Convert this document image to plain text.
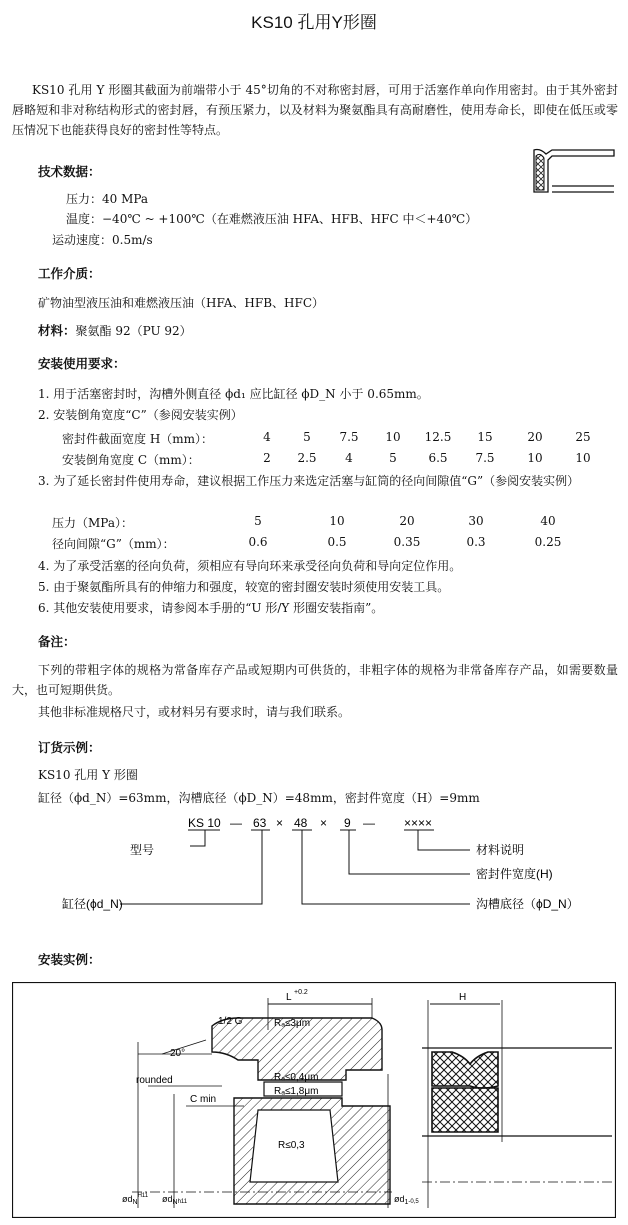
KS10 孔用Y形圈
KS10 孔用 Y 形圈其截面为前端带小于 45°切角的不对称密封唇，可用于活塞作单向作用密封。由于其外密封唇略短和非对称结构形式的密封唇，有预压紧力，以及材料为聚氨酯具有高耐磨性，使用寿命长，即使在低压或零压情况下也能获得良好的密封性等特点。
技术数据：
压力：40 MPa
温度：−40℃ ~ +100℃（在难燃液压油 HFA、HFB、HFC 中＜+40℃）
运动速度：0.5m/s
工作介质：
矿物油型液压油和难燃液压油（HFA、HFB、HFC）
材料：聚氨酯 92（PU 92）
安装使用要求：
1. 用于活塞密封时，沟槽外侧直径 ϕd₁ 应比缸径 ϕD_N 小于 0.65mm。
2. 安装倒角宽度“C”（参阅安装实例）
密封件截面宽度 H（mm）：	4	5	7.5	10	12.5	15	20	25
安装倒角宽度 C（mm）：	2	2.5	4	5	6.5	7.5	10	10
3. 为了延长密封件使用寿命，建议根据工作压力来选定活塞与缸筒的径向间隙值“G”（参阅安装实例）
压力（MPa）：	5	10	20	30	40
径向间隙“G”（mm）：	0.6	0.5	0.35	0.3	0.25
4. 为了承受活塞的径向负荷，须相应有导向环来承受径向负荷和导向定位作用。
5. 由于聚氨酯所具有的伸缩力和强度，较宽的密封圈安装时须使用安装工具。
6. 其他安装使用要求，请参阅本手册的“U 形/Y 形圈安装指南”。
备注：
下列的带粗字体的规格为常备库存产品或短期内可供货的，非粗字体的规格为非常备库存产品，如需要数量大，也可短期供货。
其他非标准规格尺寸，或材料另有要求时，请与我们联系。
订货示例：
KS10 孔用 Y 形圈
缸径（ϕd_N）=63mm，沟槽底径（ϕD_N）=48mm，密封件宽度（H）=9mm
KS 10 — 63 × 48 × 9 — ××××
型号	材料说明
密封件宽度(H)
缸径(ϕd_N)	沟槽底径（ϕD_N）
安装实例：
L +0.2	H
1/2 G	Rₐ≤3μm
20°
rounded	Rₐ≤0,4μm
Rₐ≤1,8μm
C min
R≤0,3
$ød_N^{H11}$ $ød_Nh11$	$ød_1-0,5$
